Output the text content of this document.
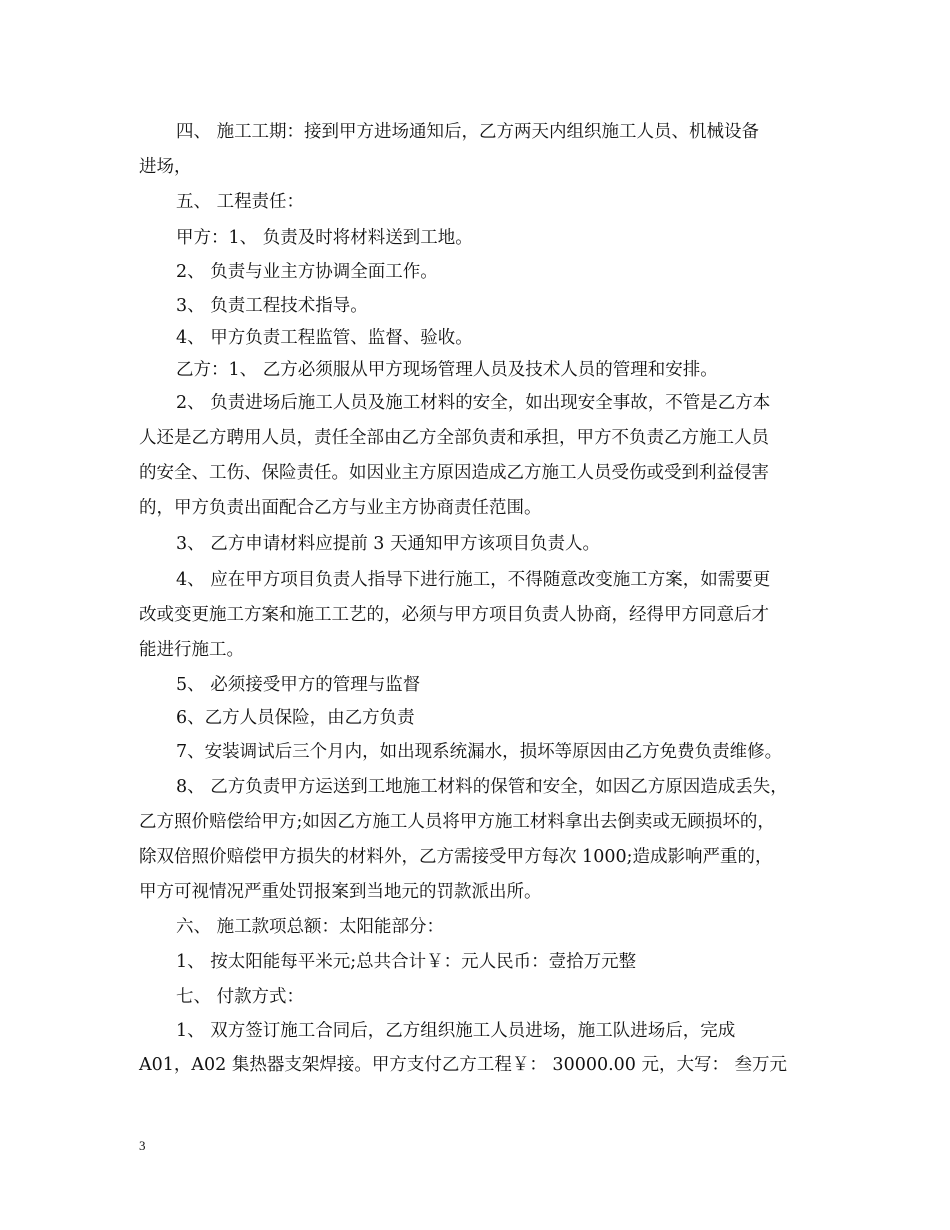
四、 施工工期：接到甲方进场通知后，乙方两天内组织施工人员、机械设备
进场，
五、 工程责任：
甲方：1、 负责及时将材料送到工地。
2、 负责与业主方协调全面工作。
3、 负责工程技术指导。
4、 甲方负责工程监管、监督、验收。
乙方：1、 乙方必须服从甲方现场管理人员及技术人员的管理和安排。
2、 负责进场后施工人员及施工材料的安全，如出现安全事故，不管是乙方本
人还是乙方聘用人员，责任全部由乙方全部负责和承担，甲方不负责乙方施工人员
的安全、工伤、保险责任。如因业主方原因造成乙方施工人员受伤或受到利益侵害
的，甲方负责出面配合乙方与业主方协商责任范围。
3、 乙方申请材料应提前 3 天通知甲方该项目负责人。
4、 应在甲方项目负责人指导下进行施工，不得随意改变施工方案，如需要更
改或变更施工方案和施工工艺的，必须与甲方项目负责人协商，经得甲方同意后才
能进行施工。
5、 必须接受甲方的管理与监督
6、乙方人员保险，由乙方负责
7、安装调试后三个月内，如出现系统漏水，损坏等原因由乙方免费负责维修。
8、 乙方负责甲方运送到工地施工材料的保管和安全，如因乙方原因造成丢失，
乙方照价赔偿给甲方;如因乙方施工人员将甲方施工材料拿出去倒卖或无顾损坏的，
除双倍照价赔偿甲方损失的材料外，乙方需接受甲方每次 1000;造成影响严重的，
甲方可视情况严重处罚报案到当地元的罚款派出所。
六、 施工款项总额：太阳能部分：
1、 按太阳能每平米元;总共合计￥：元人民币：壹拾万元整
七、 付款方式：
1、 双方签订施工合同后，乙方组织施工人员进场，施工队进场后，完成
A01，A02 集热器支架焊接。甲方支付乙方工程￥： 30000.00 元，大写： 叁万元
3
